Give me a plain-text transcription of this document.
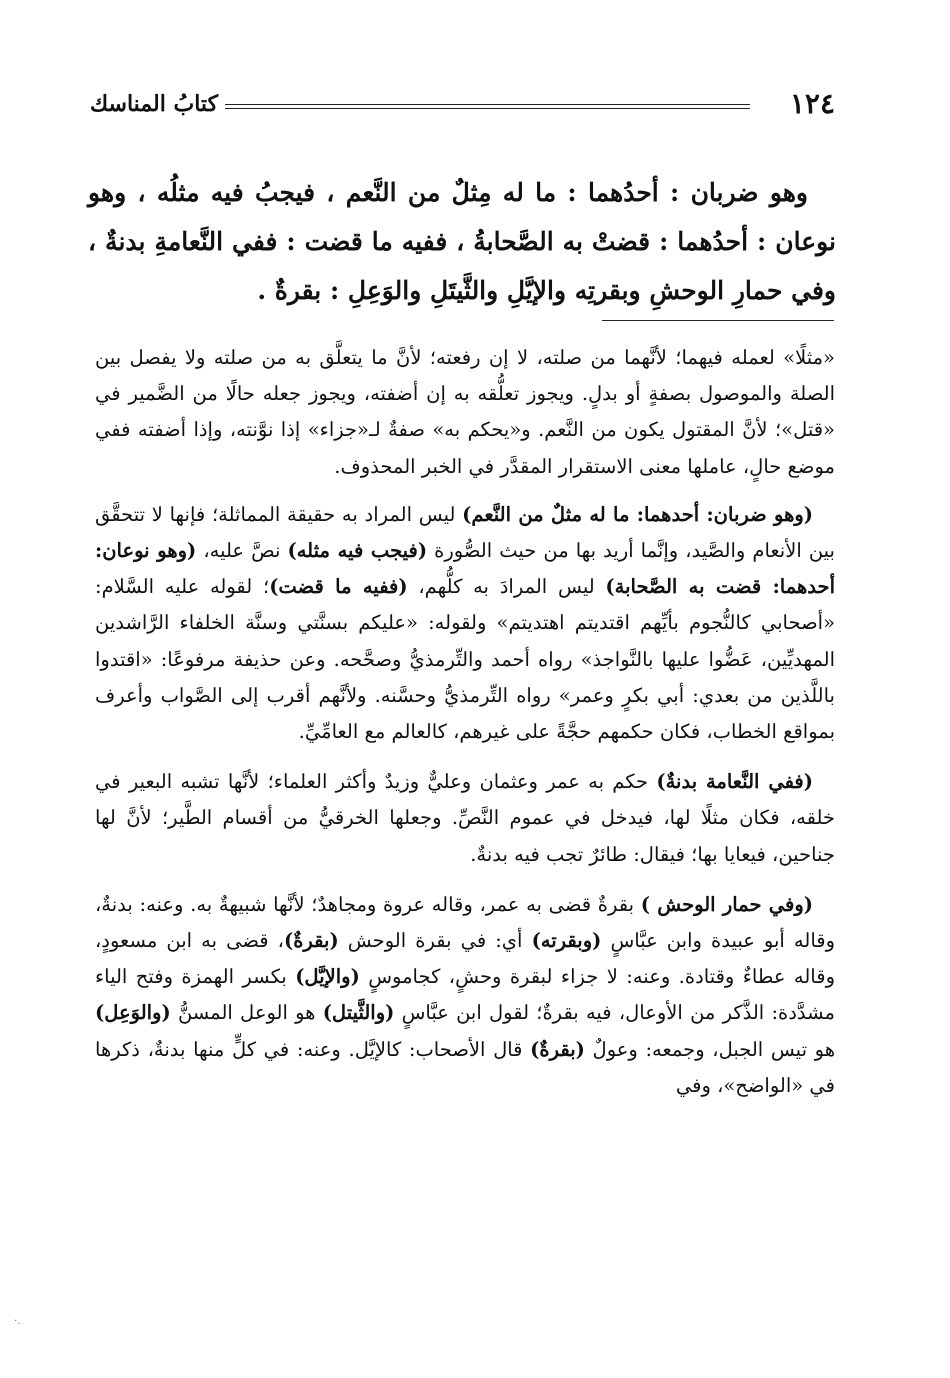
١٢٤
كتابُ المناسك

وهو ضربان : أحدُهما : ما له مِثلٌ من النَّعم ، فيجبُ فيه مثلُه ، وهو نوعان : أحدُهما : قضتْ به الصَّحابةُ ، ففيه ما قضت : ففي النَّعامةِ بدنةٌ ، وفي حمارِ الوحشِ وبقرتِه والإيَّلِ والثَّيتَلِ والوَعِلِ : بقرةٌ .

«مثلًا» لعمله فيهما؛ لأنَّهما من صلته، لا إن رفعته؛ لأنَّ ما يتعلَّق به من صلته ولا يفصل بين الصلة والموصول بصفةٍ أو بدلٍ. ويجوز تعلُّقه به إن أضفته، ويجوز جعله حالًا من الضَّمير في «قتل»؛ لأنَّ المقتول يكون من النَّعم. و«يحكم به» صفةٌ لـ«جزاء» إذا نوَّنته، وإذا أضفته ففي موضع حالٍ، عاملها معنى الاستقرار المقدَّر في الخبر المحذوف.

(وهو ضربان: أحدهما: ما له مثلٌ من النَّعم) ليس المراد به حقيقة المماثلة؛ فإنها لا تتحقَّق بين الأنعام والصَّيد، وإنَّما أريد بها من حيث الصُّورة (فيجب فيه مثله) نصَّ عليه، (وهو نوعان: أحدهما: قضت به الصَّحابة) ليس المرادَ به كلُّهم، (ففيه ما قضت)؛ لقوله عليه السَّلام: «أصحابي كالنُّجوم بأيِّهم اقتديتم اهتديتم» ولقوله: «عليكم بسنَّتي وسنَّة الخلفاء الرَّاشدين المهديِّين، عَضُّوا عليها بالنَّواجذ» رواه أحمد والتِّرمذيُّ وصحَّحه. وعن حذيفة مرفوعًا: «اقتدوا باللَّذين من بعدي: أبي بكرٍ وعمر» رواه التِّرمذيُّ وحسَّنه. ولأنَّهم أقرب إلى الصَّواب وأعرف بمواقع الخطاب، فكان حكمهم حجَّةً على غيرهم، كالعالم مع العامِّيِّ.

(ففي النَّعامة بدنةٌ) حكم به عمر وعثمان وعليٌّ وزيدٌ وأكثر العلماء؛ لأنَّها تشبه البعير في خلقه، فكان مثلًا لها، فيدخل في عموم النَّصِّ. وجعلها الخرقيُّ من أقسام الطَّير؛ لأنَّ لها جناحين، فيعايا بها؛ فيقال: طائرٌ تجب فيه بدنةٌ.

(وفي حمار الوحش ) بقرةٌ قضى به عمر، وقاله عروة ومجاهدٌ؛ لأنَّها شبيهةٌ به. وعنه: بدنةٌ، وقاله أبو عبيدة وابن عبَّاسٍ (وبقرته) أي: في بقرة الوحش (بقرةٌ)، قضى به ابن مسعودٍ، وقاله عطاءٌ وقتادة. وعنه: لا جزاء لبقرة وحشٍ، كجاموسٍ (والإيَّل) بكسر الهمزة وفتح الياء مشدَّدة: الذَّكر من الأوعال، فيه بقرةٌ؛ لقول ابن عبَّاسٍ (والثَّيتل) هو الوعل المسنُّ (والوَعِل) هو تيس الجبل، وجمعه: وعولٌ (بقرةٌ) قال الأصحاب: كالإيَّل. وعنه: في كلٍّ منها بدنةٌ، ذكرها في «الواضح»، وفي

·.
